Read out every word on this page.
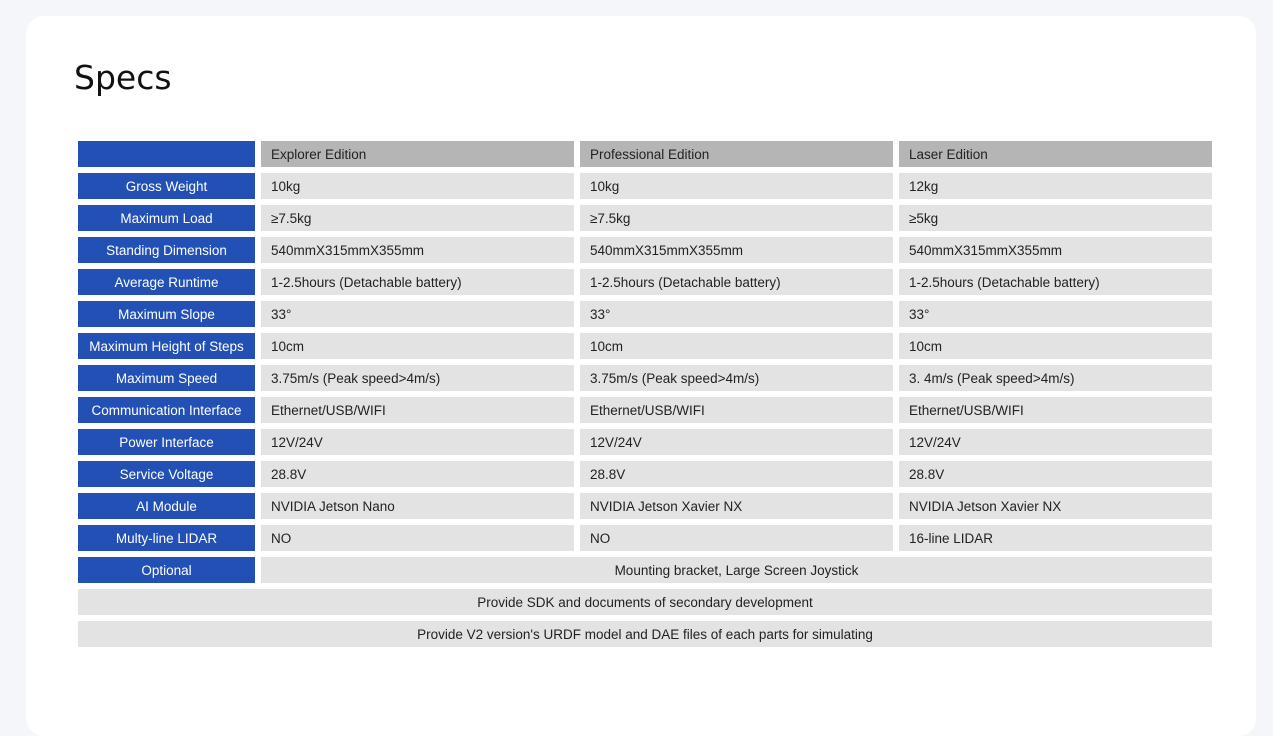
Specs
	Explorer Edition	Professional Edition	Laser Edition
Gross Weight	10kg	10kg	12kg
Maximum Load	≥7.5kg	≥7.5kg	≥5kg
Standing Dimension	540mmX315mmX355mm	540mmX315mmX355mm	540mmX315mmX355mm
Average Runtime	1-2.5hours (Detachable battery)	1-2.5hours (Detachable battery)	1-2.5hours (Detachable battery)
Maximum Slope	33°	33°	33°
Maximum Height of Steps	10cm	10cm	10cm
Maximum Speed	3.75m/s (Peak speed>4m/s)	3.75m/s (Peak speed>4m/s)	3. 4m/s (Peak speed>4m/s)
Communication Interface	Ethernet/USB/WIFI	Ethernet/USB/WIFI	Ethernet/USB/WIFI
Power Interface	12V/24V	12V/24V	12V/24V
Service Voltage	28.8V	28.8V	28.8V
AI Module	NVIDIA Jetson Nano	NVIDIA Jetson Xavier NX	NVIDIA Jetson Xavier NX
Multy-line LIDAR	NO	NO	16-line LIDAR
Optional	Mounting bracket, Large Screen Joystick		
Provide SDK and documents of secondary development			
Provide V2 version's URDF model and DAE files of each parts for simulating			
